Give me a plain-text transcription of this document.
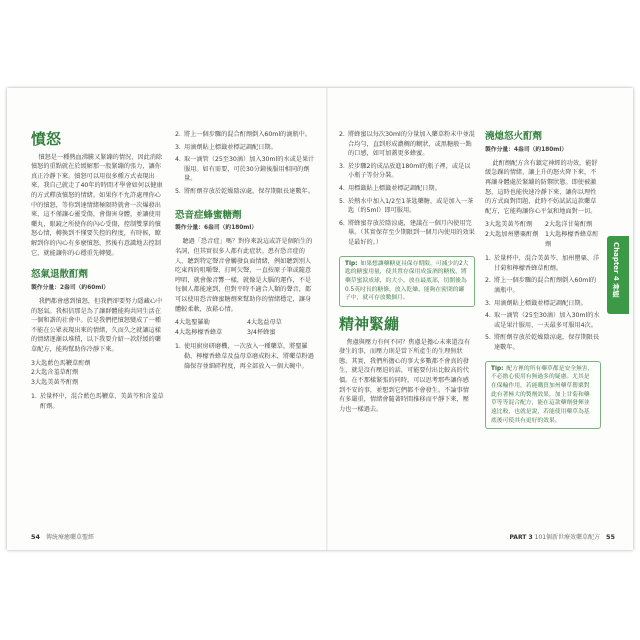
憤怒

憤怒是一種熱血沸騰又緊繃的情況，因此消除憤怒的重點就在於緩解那一股緊繃的張力，讓你真正冷靜下來。憤怒可以用很多種方式表現出來，我自己就走了40年的時間才學會如何以健康的方式釋放憤怒的情緒。如果你不允許處理你心中的憤怒，等你到達情緒極限時就會一次爆發出來，這不僅讓心靈受傷，會傷害身體，並讓使用藥丸，眼鏡之所使你的內心受傷，控制雙掌的憤怒心情，轉換到不懂要失控的程度，有時候，瞭解到你的內心有多麼憤怒，然後有意識地去控制它，就能讓你的心穩重先轉變。

怒氣退散酊劑
製作分量：2盎司（約60ml）

我們都會感到憤怒，但我們卻要努力隱藏心中的怒氣。我相信那是為了讓群體能夠共同生活在一個和諧的社會中。於是我們把憤怒變成了一種不能在公眾表現出來的情緒，久而久之就讓這樣的情緒逐漸以堆積，以下我要介紹一款舒緩的藥草配方，能夠幫助你冷靜下來。

3大匙藍色馬鞭草酊劑
2大匙含羞草酊劑
3大匙美黃芩酊劑
1. 於量杯中，混合藍色馬鞭草、美黃芩和含羞草酊劑。
2. 將上一個步驟的混合酊劑倒入60ml的滴瓶中。
3. 用滴劑貼上標籤並標記調配日期。
4. 取一滴管（25至30滴）加入30ml的水或是果汁服用。如有需要，可於30分鐘後服用相同的劑量。
5. 將酊劑存放於乾燥陰涼處，保存期限長達數年。
恐音症蜂蜜糖劑
製作分量：6盎司（約180ml）

聽過「恐音症」嗎？對你來說這或許是個陌生的名詞，但其實很多人都有此症狀。患有恐音症的人，聽到特定聲音會觸發負面情緒，例如聽到別人吃東西的咀嚼聲、打呵欠聲，一直按原子筆或隨意哼唱，就會像音響一樣，就像是大腦的運作，不是每個人都能達到，但對平時不適合人類的聲音，都可以使用恐音蜂蜜糖劑來幫助你的情緒穩定，讓身體較柔軟，放鬆心情。

4大匙聖羅勒	4大匙益母草
4大匙檸檬香蜂草	3/4杯蜂蜜
1. 使用廚房研磨機，一次放入一種藥草，將聖羅勒、檸檬香蜂草及益母草磨成粉末，將藥草粉過篩保存並細碎程度，再全部放入一個大碗中。
54 傳統療癒藥草聖經
2. 將蜂蜜以每次30ml的分量加入藥草粉末中並混合均勻，直到形成濃稠的糊狀，或黑糖般一點的口感，如可加蓋更多蜂蜜。
3. 於步驟2的成品放進180ml的瓶子裡，或是以小瓶子等份分裝。
4. 用標籤貼上標籤並標記調配日期。
5. 於熱水中加入1/2至1茶匙藥糖，或是加入一茶匙（約5ml）即可服用。
6. 將蜂蜜存放於陰涼處，建議在一個月內使用完畢。（其實保存至少期限到一個月內使用的效果是最好的。）
Tip: 如果想讓藥糖更具保存期限，可減少約2大匙的糖蜜用量，使其置存保用成蛋酒的糖板，將藥草蜜淚成球，約大小，放在最底部，切開後為0.5英吋長的糖條，放入乾燥、能夠在密閉的罐子中，就可存放數個月。
精神緊繃

焦慮與壓力有何不同？焦慮是擔心未來還沒有發生的事，而壓力則是當下所產生的生理無狀態。其實，我們所擔心的事大多數都不會真的發生，就是沒有壓迫的話，可能要付出比較高的代價。在不那樣緊張的同時，可以思考那些讓你感到不安的事，並想到它們都不會發生。不論事情有多嚴重，情緒會隨著時間推移而平靜下來，壓力也一樣過去。

澆熄怒火酊劑
製作分量：4盎司（約180ml）

此酊劑配方含有鎮定神經的功效，能舒緩急躁的情緒，讓上升的怒火降下來，不再讓身體處於緊繃的防禦狀態。即使被激怒，這時也能快速冷靜下來，讓你以理性的方式面對問題，此時不妨試試這款藥草配方，它能夠讓你心平氣和地面對一切。

3大匙美黃芩酊劑	2大匙洋甘菊酊劑
2大匙加州罌粟酊劑	1大匙檸檬香蜂草酊劑
1. 於量杯中，混合美黃芩、加州罌粟、洋甘菊和檸檬香蜂草酊劑。
2. 將上一個步驟的混合酊劑倒入60ml的滴瓶中。
3. 用滴劑貼上標籤並標記調配日期。
4. 取一滴管（25至30滴）加入30ml的水或是果汁服用，一天最多可服用4次。
5. 將酊劑存放於乾燥陰涼處，保存期限長達數年。
Tip: 配方裡的所有藥草都是安全無害，不必擔心使用有無過多的疑慮。尤其是在保輸作用，若能購買加州藥草罌粟對此有著極大的製劑效果，加上甘菊和藥草等等混合配方，能在這款藥劑發揮並遠比較，也就是說，若能使用藥草為基底後可使其有更好的效果。
Chapter 4 神經
PART 3 101個新世療效藥草配方 55
